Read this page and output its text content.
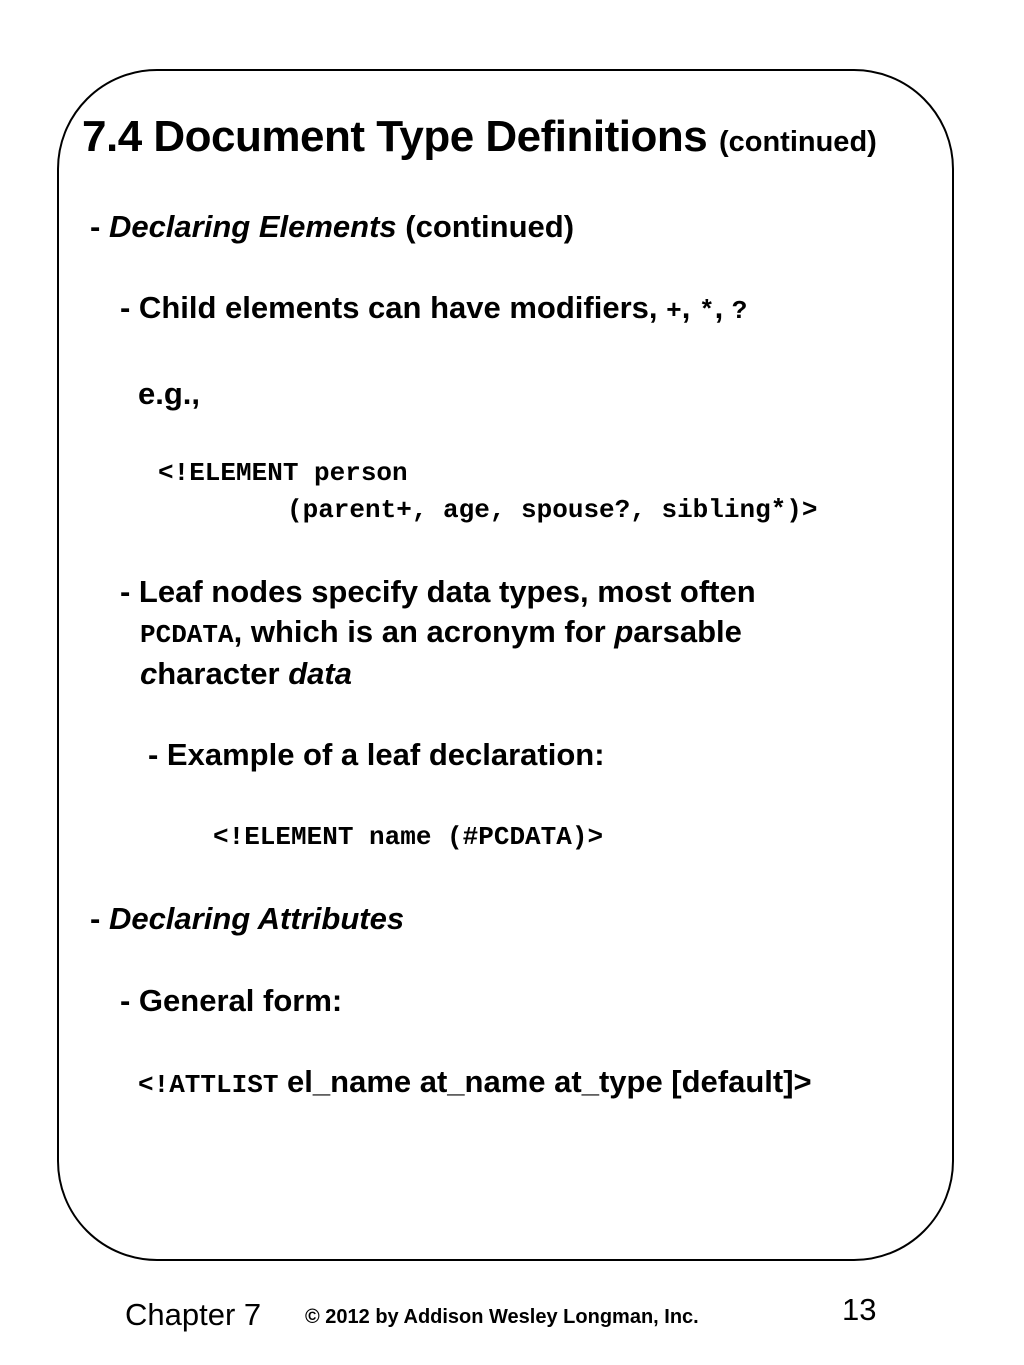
7.4 Document Type Definitions (continued)
- Declaring Elements (continued)
- Child elements can have modifiers, +, *, ?
e.g.,
<!ELEMENT person
(parent+, age, spouse?, sibling*)>
- Leaf nodes specify data types, most often
PCDATA, which is an acronym for parsable
character data
- Example of a leaf declaration:
<!ELEMENT name (#PCDATA)>
- Declaring Attributes
- General form:
<!ATTLIST el_name at_name at_type [default]>
Chapter 7 © 2012 by Addison Wesley Longman, Inc.	13
